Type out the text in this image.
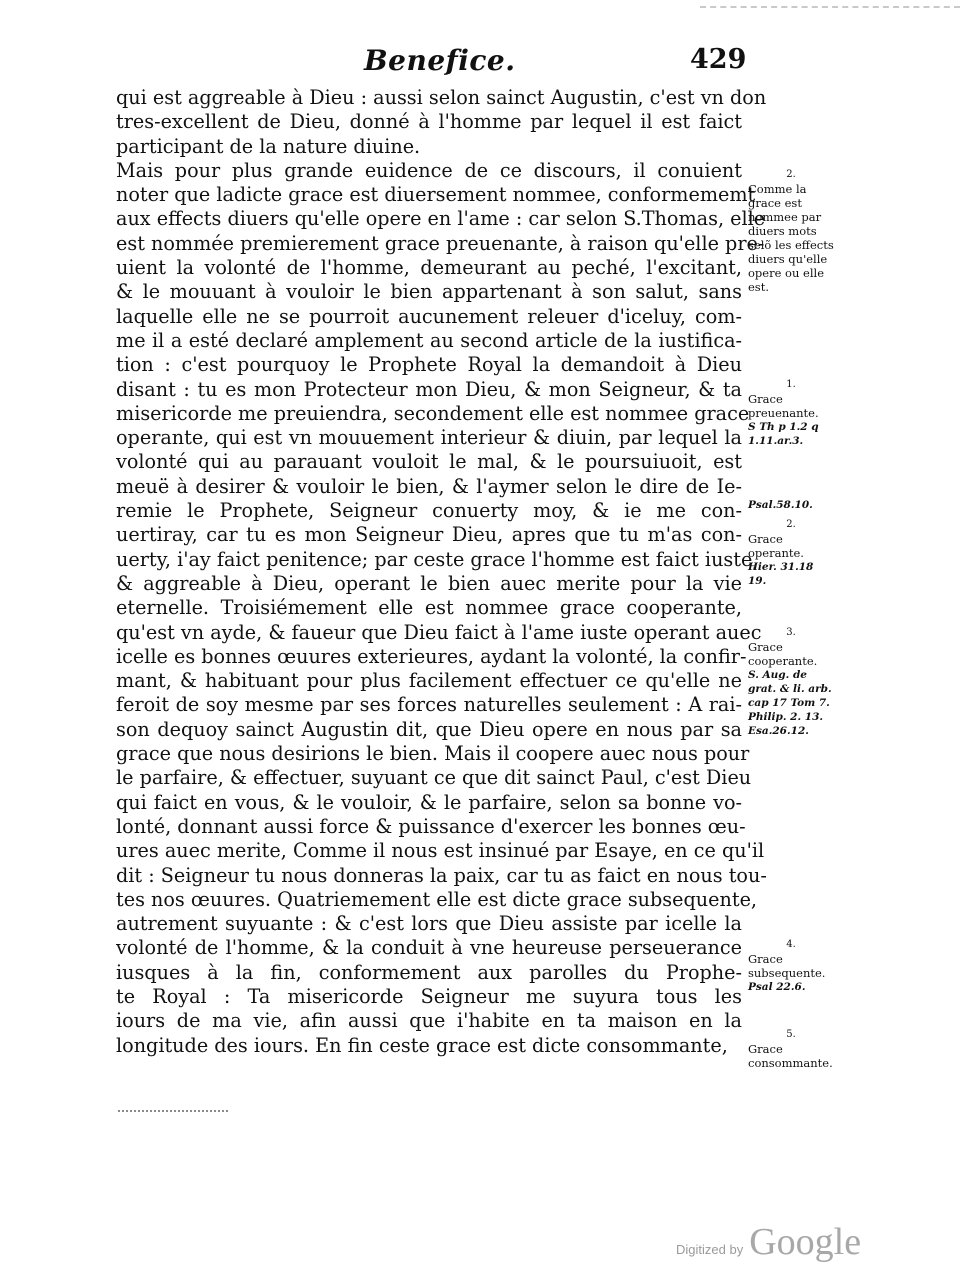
Benefice.	429
qui est aggreable à Dieu : aussi selon sainct Augustin, c'est vn don
tres-excellent de Dieu, donné à l'homme par lequel il est faict
participant de la nature diuine.
Mais pour plus grande euidence de ce discours, il conuient
noter que ladicte grace est diuersement nommee, conformememt
aux effects diuers qu'elle opere en l'ame : car selon S.Thomas, elle
est nommée premierement grace preuenante, à raison qu'elle pre-
uient la volonté de l'homme, demeurant au peché, l'excitant,
& le mouuant à vouloir le bien appartenant à son salut, sans
laquelle elle ne se pourroit aucunement releuer d'iceluy, com-
me il a esté declaré amplement au second article de la iustifica-
tion : c'est pourquoy le Prophete Royal la demandoit à Dieu
disant : tu es mon Protecteur mon Dieu, & mon Seigneur, & ta
misericorde me preuiendra, secondement elle est nommee grace
operante, qui est vn mouuement interieur & diuin, par lequel la
volonté qui au parauant vouloit le mal, & le poursuiuoit, est
meuë à desirer & vouloir le bien, & l'aymer selon le dire de Ie-
remie le Prophete, Seigneur conuerty moy, & ie me con-
uertiray, car tu es mon Seigneur Dieu, apres que tu m'as con-
uerty, i'ay faict penitence; par ceste grace l'homme est faict iuste,
& aggreable à Dieu, operant le bien auec merite pour la vie
eternelle. Troisiémement elle est nommee grace cooperante,
qu'est vn ayde, & faueur que Dieu faict à l'ame iuste operant auec
icelle es bonnes œuures exterieures, aydant la volonté, la confir-
mant, & habituant pour plus facilement effectuer ce qu'elle ne
feroit de soy mesme par ses forces naturelles seulement : A rai-
son dequoy sainct Augustin dit, que Dieu opere en nous par sa
grace que nous desirions le bien. Mais il coopere auec nous pour
le parfaire, & effectuer, suyuant ce que dit sainct Paul, c'est Dieu
qui faict en vous, & le vouloir, & le parfaire, selon sa bonne vo-
lonté, donnant aussi force & puissance d'exercer les bonnes œu-
ures auec merite, Comme il nous est insinué par Esaye, en ce qu'il
dit : Seigneur tu nous donneras la paix, car tu as faict en nous tou-
tes nos œuures. Quatriemement elle est dicte grace subsequente,
autrement suyuante : & c'est lors que Dieu assiste par icelle la
volonté de l'homme, & la conduit à vne heureuse perseuerance
iusques à la fin, conformement aux parolles du Prophe-
te Royal : Ta misericorde Seigneur me suyura tous les
iours de ma vie, afin aussi que i'habite en ta maison en la
longitude des iours. En fin ceste grace est dicte consommante,
2.
Comme la grace est nommee par diuers mots selõ les effects diuers qu'elle opere ou elle est.
1.
Grace preuenante.
S Th p 1.2 q 1.11.ar.3.
Psal.58.10.
2.
Grace operante.
Hier. 31.18 19.
3.
Grace cooperante.
S. Aug. de grat. & li. arb. cap 17 Tom 7. Philip. 2. 13. Esa.26.12.
4.
Grace subsequente.
Psal 22.6.
5.
Grace consommante.
Digitized by Google
